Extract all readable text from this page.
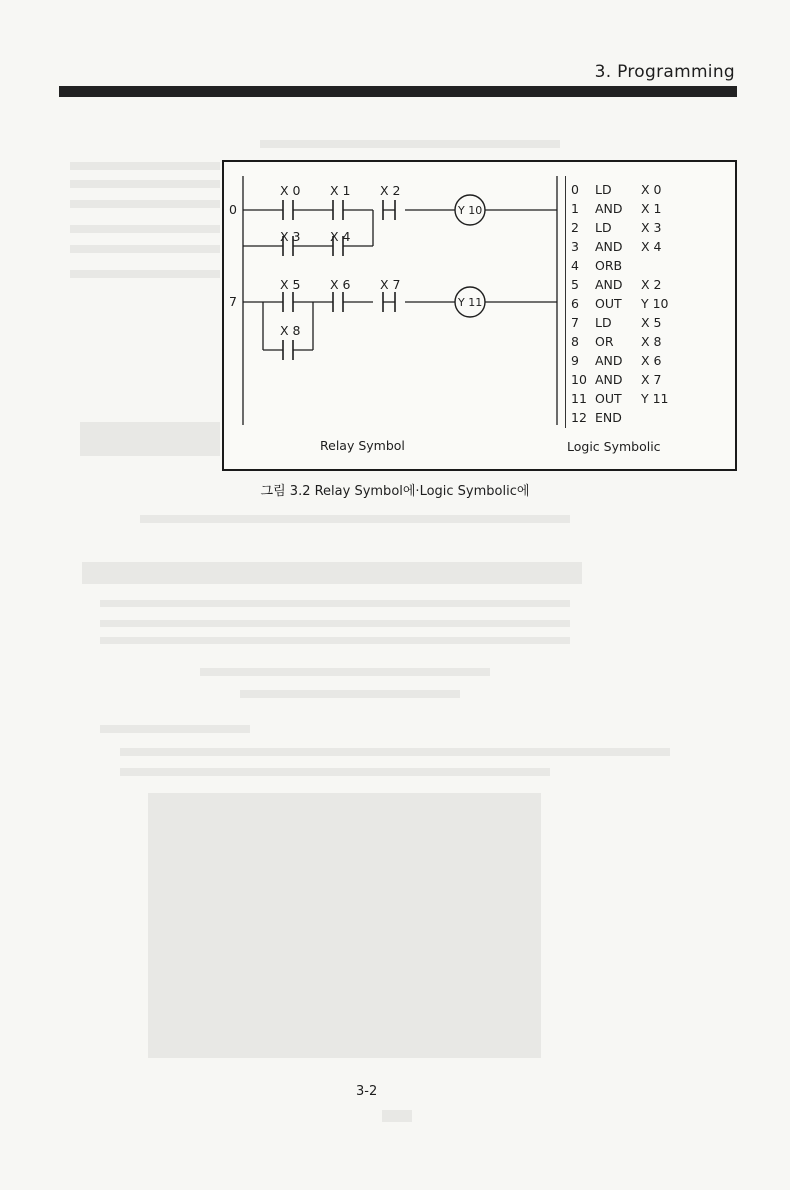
3. Programming
0
7
X 0 X 1 X 2
X 3 X 4
X 5 X 6 X 7
X 8
Y 10
Y 11
0	LD	X 0
1	AND	X 1
2	LD	X 3
3	AND	X 4
4	ORB
5	AND	X 2
6	OUT	Y 10
7	LD	X 5
8	OR	X 8
9	AND	X 6
10 AND	X 7
11 OUT	Y 11
12 END
Relay Symbol	Logic Symbolic
그림 3.2 Relay Symbol에·Logic Symbolic에
3-2
